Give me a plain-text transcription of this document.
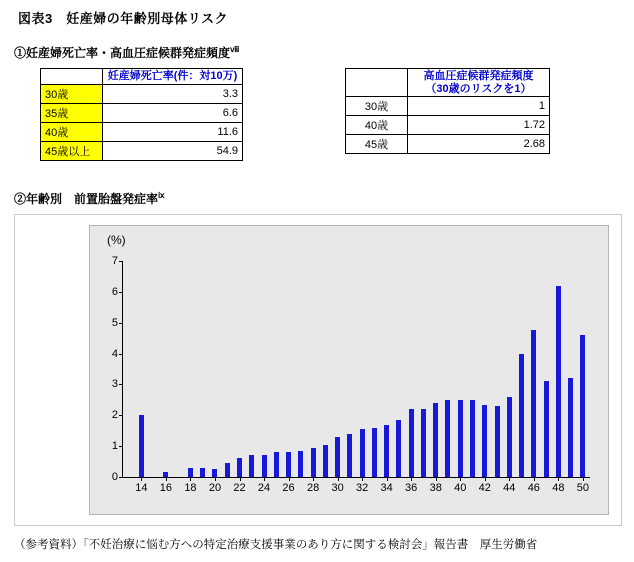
図表3　妊産婦の年齢別母体リスク
①妊産婦死亡率・高血圧症候群発症頻度$^ⅷ$
	妊産婦死亡率(件：対10万)
30歳	3.3
35歳	6.6
40歳	11.6
45歳以上	54.9

	高血圧症候群発症頻度
（30歳のリスクを1）

30歳	1
40歳	1.72
45歳	2.68
②年齢別　前置胎盤発症率$^ⅸ$
(%)
0
1
2
3
4
5
6
7
14 16 18 20 22 24 26 28 30 32 34 36 38 40 42 44 46 48 50
（参考資料）「不妊治療に悩む方への特定治療支援事業のあり方に関する検討会」報告書　厚生労働省
